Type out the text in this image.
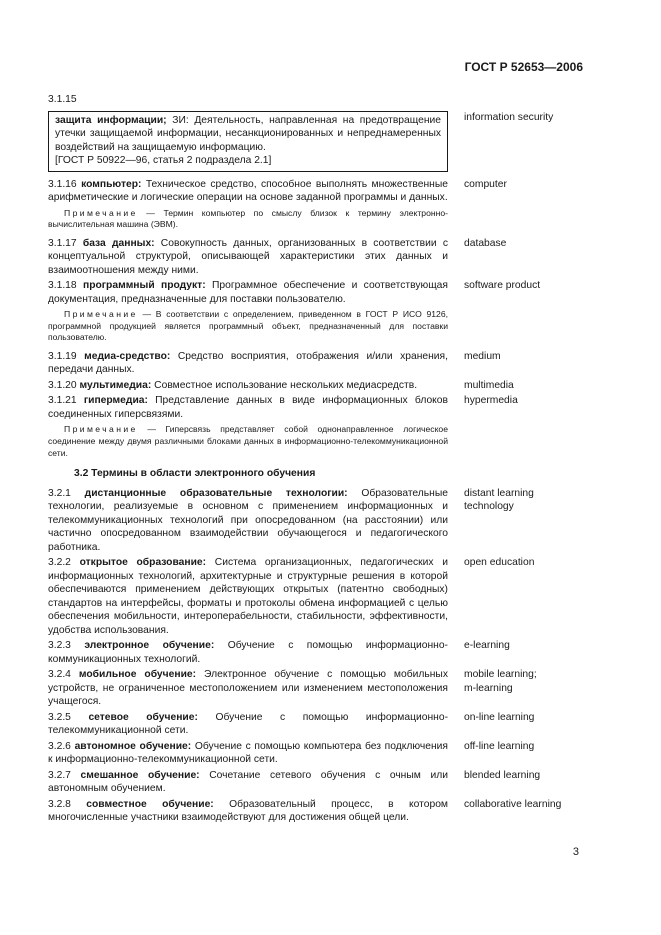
ГОСТ Р 52653—2006
3.1.15
защита информации; ЗИ: Деятельность, направленная на предотвращение утечки защищаемой информации, несанкционированных и непреднамеренных воздействий на защищаемую информацию.
[ГОСТ Р 50922—96, статья 2 подраздела 2.1]
information security
3.1.16 компьютер: Техническое средство, способное выполнять множественные арифметические и логические операции на основе заданной программы и данных.
computer
Примечание — Термин компьютер по смыслу близок к термину электронно-вычислительная машина (ЭВМ).
3.1.17 база данных: Совокупность данных, организованных в соответствии с концептуальной структурой, описывающей характеристики этих данных и взаимоотношения между ними.
database
3.1.18 программный продукт: Программное обеспечение и соответствующая документация, предназначенные для поставки пользователю.
software product
Примечание — В соответствии с определением, приведенном в ГОСТ Р ИСО 9126, программной продукцией является программный объект, предназначенный для поставки пользователю.
3.1.19 медиа-средство: Средство восприятия, отображения и/или хранения, передачи данных.
medium
3.1.20 мультимедиа: Совместное использование нескольких медиасредств.	multimedia
3.1.21 гипермедиа: Представление данных в виде информационных блоков соединенных гиперсвязями.
hypermedia
Примечание — Гиперсвязь представляет собой однонаправленное логическое соединение между двумя различными блоками данных в информационно-телекоммуникационной сети.
3.2 Термины в области электронного обучения
3.2.1 дистанционные образовательные технологии: Образовательные технологии, реализуемые в основном с применением информационных и телекоммуникационных технологий при опосредованном (на расстоянии) или частично опосредованном взаимодействии обучающегося и педагогического работника.
distant learning technology
3.2.2 открытое образование: Система организационных, педагогических и информационных технологий, архитектурные и структурные решения в которой обеспечиваются применением действующих открытых (патентно свободных) стандартов на интерфейсы, форматы и протоколы обмена информацией с целью обеспечения мобильности, интероперабельности, стабильности, эффективности, удобства использования.
open education
3.2.3 электронное обучение: Обучение с помощью информационно-коммуникационных технологий.
e-learning
3.2.4 мобильное обучение: Электронное обучение с помощью мобильных устройств, не ограниченное местоположением или изменением местоположения учащегося.
mobile learning;
m-learning
3.2.5 сетевое обучение: Обучение с помощью информационно-телекоммуникационной сети.
on-line learning
3.2.6 автономное обучение: Обучение с помощью компьютера без подключения к информационно-телекоммуникационной сети.
off-line learning
3.2.7 смешанное обучение: Сочетание сетевого обучения с очным или автономным обучением.
blended learning
3.2.8 совместное обучение: Образовательный процесс, в котором многочисленные участники взаимодействуют для достижения общей цели.
collaborative learning
3
